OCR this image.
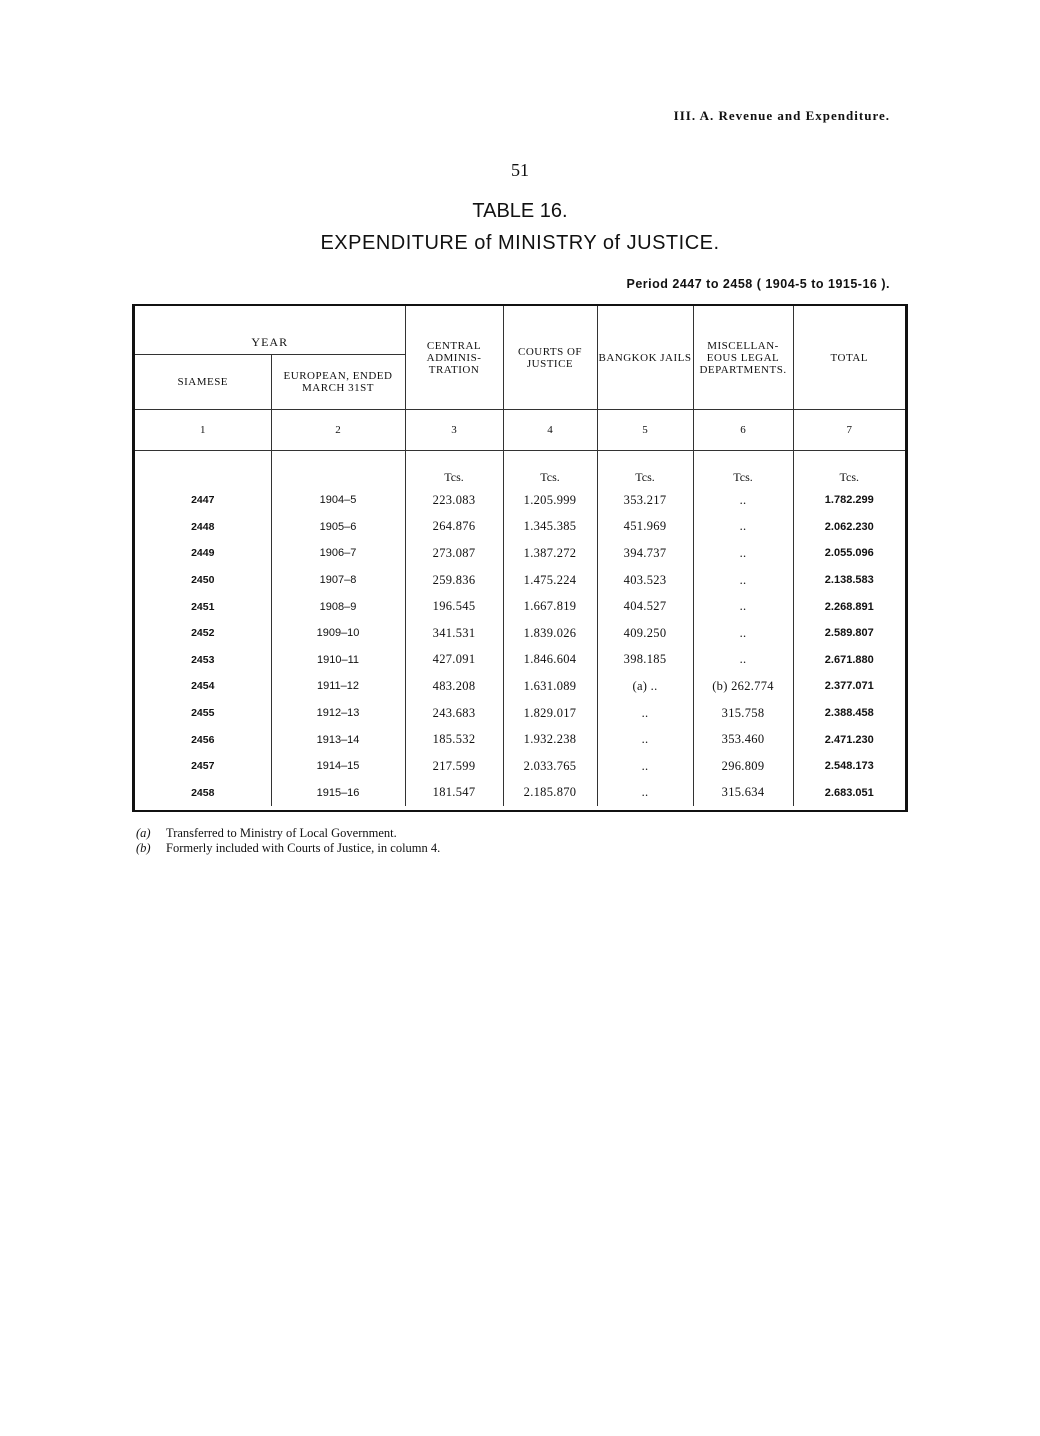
III. A. Revenue and Expenditure.
51
TABLE 16.
EXPENDITURE of MINISTRY of JUSTICE.
Period 2447 to 2458 ( 1904-5 to 1915-16 ).
YEAR		CENTRAL ADMINIS- TRATION	COURTS OF JUSTICE	BANGKOK JAILS	MISCELLAN- EOUS LEGAL DEPARTMENTS.	TOTAL
SIAMESE	EUROPEAN, ENDED MARCH 31ST					
1	2	3	4	5	6	7
		Tcs.	Tcs.	Tcs.	Tcs.	Tcs.
2447	1904–5	223.083	1.205.999	353.217	..	1.782.299
2448	1905–6	264.876	1.345.385	451.969	..	2.062.230
2449	1906–7	273.087	1.387.272	394.737	..	2.055.096
2450	1907–8	259.836	1.475.224	403.523	..	2.138.583
2451	1908–9	196.545	1.667.819	404.527	..	2.268.891
2452	1909–10	341.531	1.839.026	409.250	..	2.589.807
2453	1910–11	427.091	1.846.604	398.185	..	2.671.880
2454	1911–12	483.208	1.631.089	(a) ..	(b) 262.774	2.377.071
2455	1912–13	243.683	1.829.017	..	315.758	2.388.458
2456	1913–14	185.532	1.932.238	..	353.460	2.471.230
2457	1914–15	217.599	2.033.765	..	296.809	2.548.173
2458	1915–16	181.547	2.185.870	..	315.634	2.683.051
(a) Transferred to Ministry of Local Government.
(b) Formerly included with Courts of Justice, in column 4.
